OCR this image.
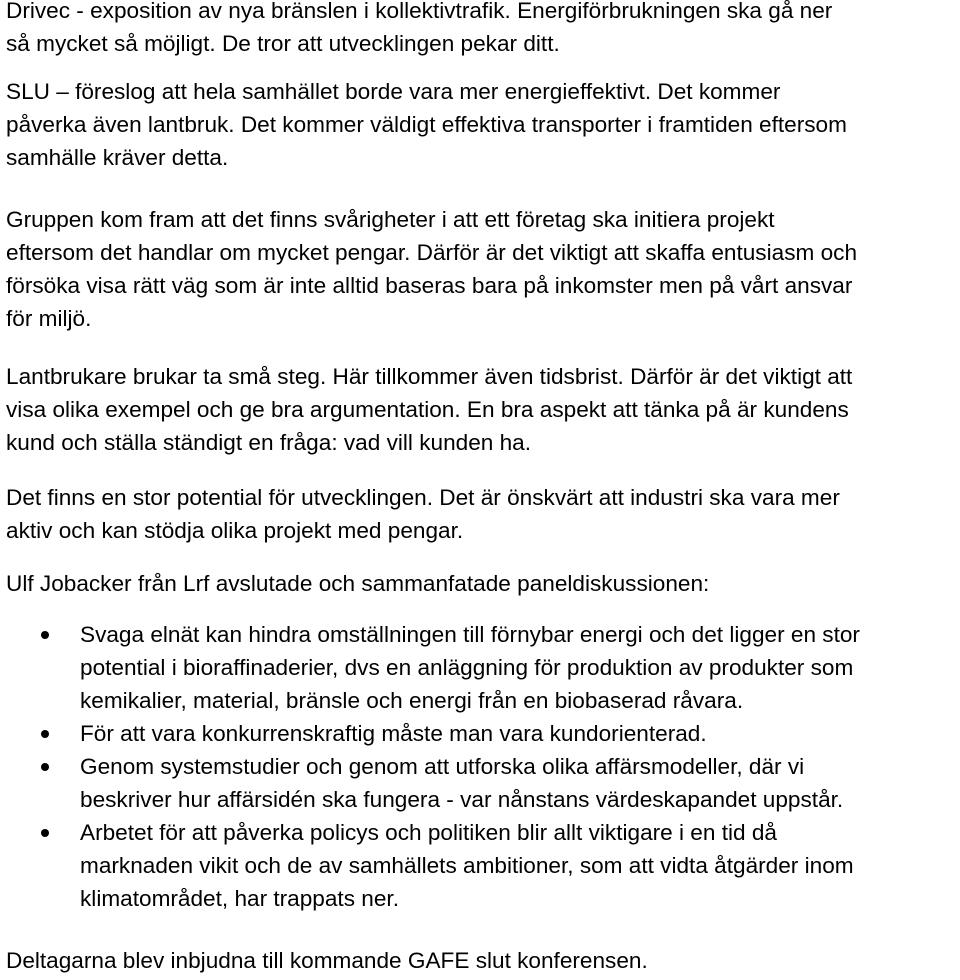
Drivec - exposition av nya bränslen i kollektivtrafik. Energiförbrukningen ska gå ner
så mycket så möjligt. De tror att utvecklingen pekar ditt.

SLU – föreslog att hela samhället borde vara mer energieffektivt. Det kommer
påverka även lantbruk. Det kommer väldigt effektiva transporter i framtiden eftersom
samhälle kräver detta.

Gruppen kom fram att det finns svårigheter i att ett företag ska initiera projekt
eftersom det handlar om mycket pengar. Därför är det viktigt att skaffa entusiasm och
försöka visa rätt väg som är inte alltid baseras bara på inkomster men på vårt ansvar
för miljö.

Lantbrukare brukar ta små steg. Här tillkommer även tidsbrist. Därför är det viktigt att
visa olika exempel och ge bra argumentation. En bra aspekt att tänka på är kundens
kund och ställa ständigt en fråga: vad vill kunden ha.

Det finns en stor potential för utvecklingen. Det är önskvärt att industri ska vara mer
aktiv och kan stödja olika projekt med pengar.

Ulf Jobacker från Lrf avslutade och sammanfatade paneldiskussionen:

Svaga elnät kan hindra omställningen till förnybar energi och det ligger en stor
potential i bioraffinaderier, dvs en anläggning för produktion av produkter som
kemikalier, material, bränsle och energi från en biobaserad råvara.
För att vara konkurrenskraftig måste man vara kundorienterad.
Genom systemstudier och genom att utforska olika affärsmodeller, där vi
beskriver hur affärsidén ska fungera - var nånstans värdeskapandet uppstår.
Arbetet för att påverka policys och politiken blir allt viktigare i en tid då
marknaden vikit och de av samhällets ambitioner, som att vidta åtgärder inom
klimatområdet, har trappats ner.

Deltagarna blev inbjudna till kommande GAFE slut konferensen.
